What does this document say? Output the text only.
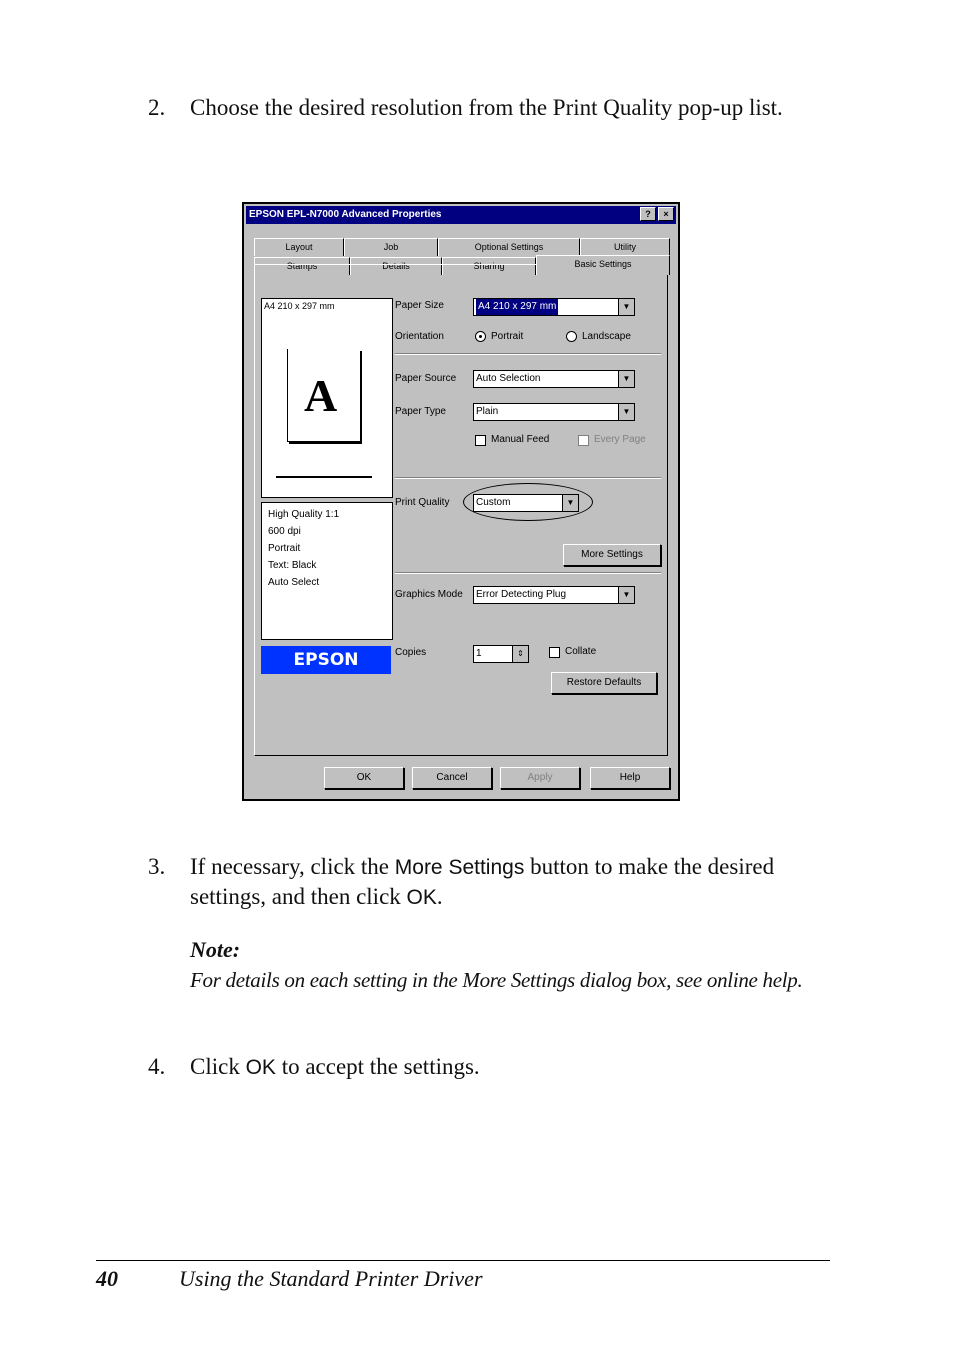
2. Choose the desired resolution from the Print Quality pop-up list.
EPSON EPL-N7000 Advanced Properties	?	×
Layout	Job	Optional Settings	Utility
Stamps	Details	Sharing	Basic Settings
A4 210 x 297 mm
A
High Quality 1:1
600 dpi
Portrait
Text: Black
Auto Select
EPSON
Paper Size	A4 210 x 297 mm	▼
Orientation	Portrait	Landscape
Paper Source	Auto Selection	▼
Paper Type	Plain	▼
Manual Feed	Every Page
Print Quality	Custom	▼
More Settings
Graphics Mode	Error Detecting Plug	▼
Copies	1	⇕	Collate
Restore Defaults
OK	Cancel	Apply	Help
3. If necessary, click the More Settings button to make the desired settings, and then click OK.
Note:
For details on each setting in the More Settings dialog box, see online help.
4. Click OK to accept the settings.
40	Using the Standard Printer Driver
